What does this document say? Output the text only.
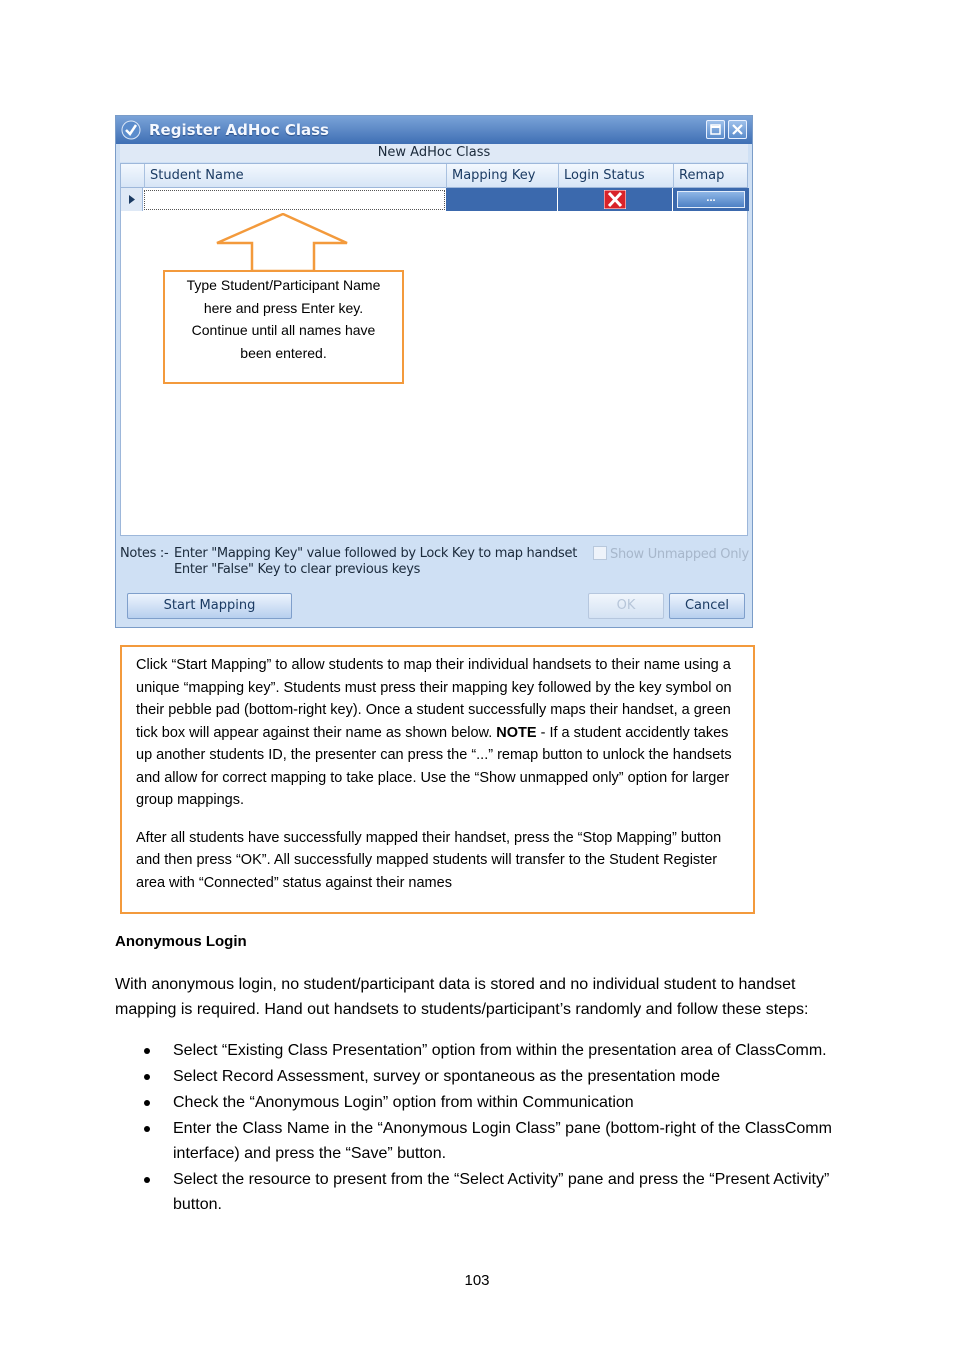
Register AdHoc Class
New AdHoc Class
Student Name	Mapping Key	Login Status	Remap
...
Notes :- Enter "Mapping Key" value followed by Lock Key to map handset
Enter "False" Key to clear previous keys
Show Unmapped Only
Start Mapping	OK	Cancel
Type Student/Participant Name
here and press Enter key.
Continue until all names have
been entered.

Click “Start Mapping” to allow students to map their individual handsets to their name using a unique “mapping key”. Students must press their mapping key followed by the key symbol on their pebble pad (bottom-right key). Once a student successfully maps their handset, a green tick box will appear against their name as shown below. NOTE - If a student accidently takes up another students ID, the presenter can press the “...” remap button to unlock the handsets and allow for correct mapping to take place. Use the “Show unmapped only” option for larger group mappings.

After all students have successfully mapped their handset, press the “Stop Mapping” button and then press “OK”. All successfully mapped students will transfer to the Student Register area with “Connected” status against their names

Anonymous Login
With anonymous login, no student/participant data is stored and no individual student to handset mapping is required. Hand out handsets to students/participant’s randomly and follow these steps:
Select “Existing Class Presentation” option from within the presentation area of ClassComm.
Select Record Assessment, survey or spontaneous as the presentation mode
Check the “Anonymous Login” option from within Communication
Enter the Class Name in the “Anonymous Login Class” pane (bottom-right of the ClassComm interface) and press the “Save” button.
Select the resource to present from the “Select Activity” pane and press the “Present Activity” button.
103
